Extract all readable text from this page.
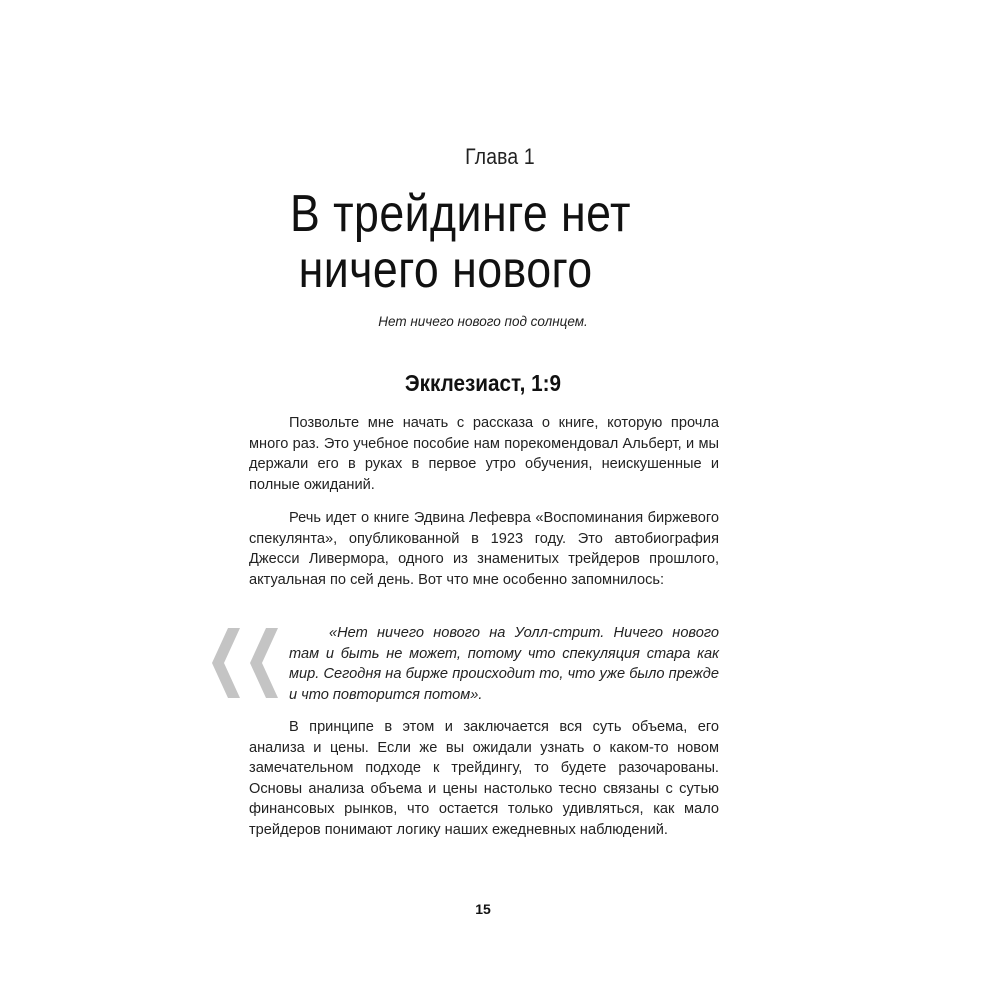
Глава 1
В трейдинге нет
ничего нового
Нет ничего нового под солнцем.
Экклезиаст, 1:9

Позвольте мне начать с рассказа о книге, которую прочла много раз. Это учебное пособие нам порекомендовал Альберт, и мы держали его в руках в первое утро обучения, неискушенные и полные ожиданий.

Речь идет о книге Эдвина Лефевра «Воспоминания биржевого спекулянта», опубликованной в 1923 году. Это автобиография Джесси Ливермора, одного из знаменитых трейдеров прошлого, актуальная по сей день. Вот что мне особенно запомнилось:

«Нет ничего нового на Уолл-стрит. Ничего нового там и быть не может, потому что спекуляция стара как мир. Сегодня на бирже происходит то, что уже было прежде и что повторится потом».

В принципе в этом и заключается вся суть объема, его анализа и цены. Если же вы ожидали узнать о каком-то новом замечательном подходе к трейдингу, то будете разочарованы. Основы анализа объема и цены настолько тесно связаны с сутью финансовых рынков, что остается только удивляться, как мало трейдеров понимают логику наших ежедневных наблюдений.

15
